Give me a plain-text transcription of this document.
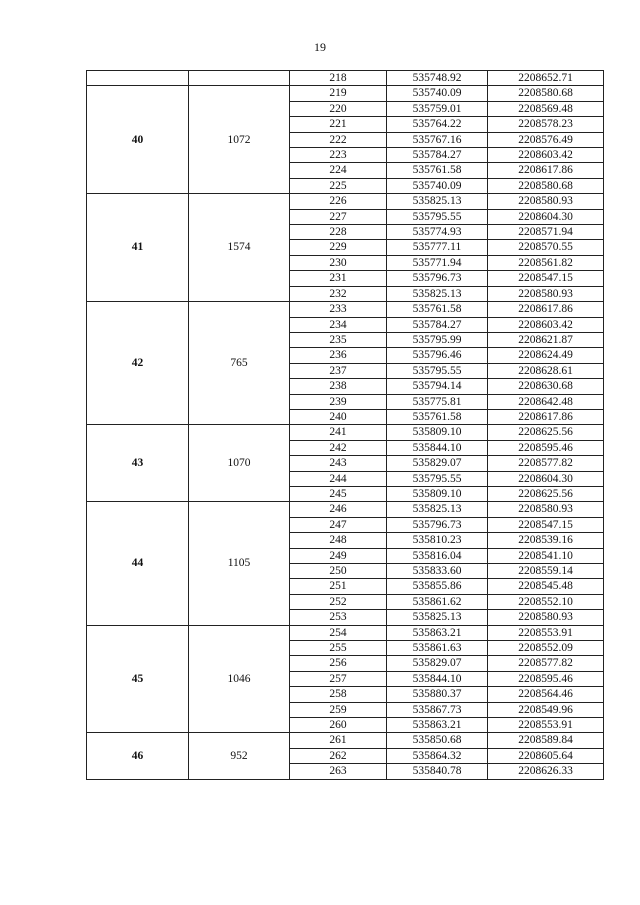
19
		218	535748.92	2208652.71
40	1072	219	535740.09	2208580.68
		220	535759.01	2208569.48
		221	535764.22	2208578.23
		222	535767.16	2208576.49
		223	535784.27	2208603.42
		224	535761.58	2208617.86
		225	535740.09	2208580.68
41	1574	226	535825.13	2208580.93
		227	535795.55	2208604.30
		228	535774.93	2208571.94
		229	535777.11	2208570.55
		230	535771.94	2208561.82
		231	535796.73	2208547.15
		232	535825.13	2208580.93
42	765	233	535761.58	2208617.86
		234	535784.27	2208603.42
		235	535795.99	2208621.87
		236	535796.46	2208624.49
		237	535795.55	2208628.61
		238	535794.14	2208630.68
		239	535775.81	2208642.48
		240	535761.58	2208617.86
43	1070	241	535809.10	2208625.56
		242	535844.10	2208595.46
		243	535829.07	2208577.82
		244	535795.55	2208604.30
		245	535809.10	2208625.56
44	1105	246	535825.13	2208580.93
		247	535796.73	2208547.15
		248	535810.23	2208539.16
		249	535816.04	2208541.10
		250	535833.60	2208559.14
		251	535855.86	2208545.48
		252	535861.62	2208552.10
		253	535825.13	2208580.93
45	1046	254	535863.21	2208553.91
		255	535861.63	2208552.09
		256	535829.07	2208577.82
		257	535844.10	2208595.46
		258	535880.37	2208564.46
		259	535867.73	2208549.96
		260	535863.21	2208553.91
46	952	261	535850.68	2208589.84
		262	535864.32	2208605.64
		263	535840.78	2208626.33
